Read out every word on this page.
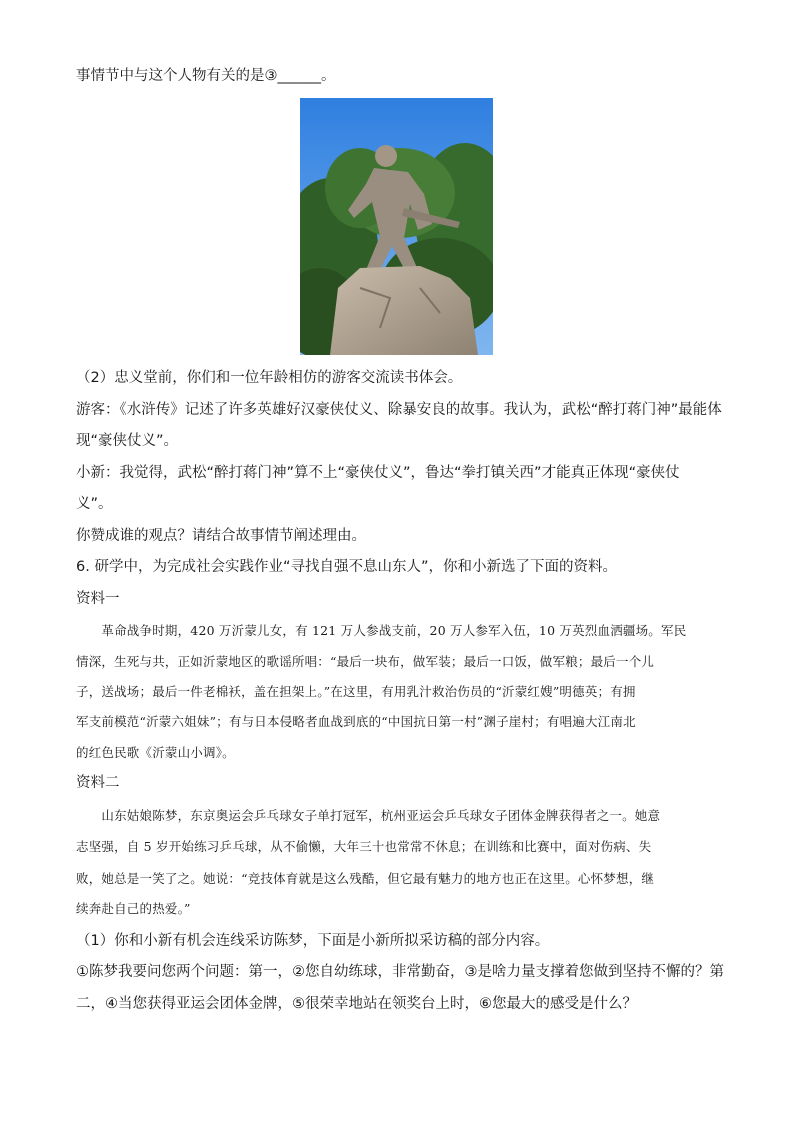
事情节中与这个人物有关的是③______。
（2）忠义堂前，你们和一位年龄相仿的游客交流读书体会。
游客：《水浒传》记述了许多英雄好汉豪侠仗义、除暴安良的故事。我认为，武松“醉打蒋门神”最能体
现“豪侠仗义”。
小新：我觉得，武松“醉打蒋门神”算不上“豪侠仗义”，鲁达“拳打镇关西”才能真正体现“豪侠仗
义”。
你赞成谁的观点？请结合故事情节阐述理由。
6. 研学中，为完成社会实践作业“寻找自强不息山东人”，你和小新选了下面的资料。
资料一
　　革命战争时期，420 万沂蒙儿女，有 121 万人参战支前，20 万人参军入伍，10 万英烈血洒疆场。军民
情深，生死与共，正如沂蒙地区的歌谣所唱：“最后一块布，做军装；最后一口饭，做军粮；最后一个儿
子，送战场；最后一件老棉袄，盖在担架上。”在这里，有用乳汁救治伤员的“沂蒙红嫂”明德英；有拥
军支前模范“沂蒙六姐妹”；有与日本侵略者血战到底的“中国抗日第一村”渊子崖村；有唱遍大江南北
的红色民歌《沂蒙山小调》。
资料二
　　山东姑娘陈梦，东京奥运会乒乓球女子单打冠军，杭州亚运会乒乓球女子团体金牌获得者之一。她意
志坚强，自 5 岁开始练习乒乓球，从不偷懒，大年三十也常常不休息；在训练和比赛中，面对伤病、失
败，她总是一笑了之。她说：“竞技体育就是这么残酷，但它最有魅力的地方也正在这里。心怀梦想，继
续奔赴自己的热爱。”
（1）你和小新有机会连线采访陈梦，下面是小新所拟采访稿的部分内容。
①陈梦我要问您两个问题：第一，②您自幼练球，非常勤奋，③是啥力量支撑着您做到坚持不懈的？第
二，④当您获得亚运会团体金牌，⑤很荣幸地站在领奖台上时，⑥您最大的感受是什么？
